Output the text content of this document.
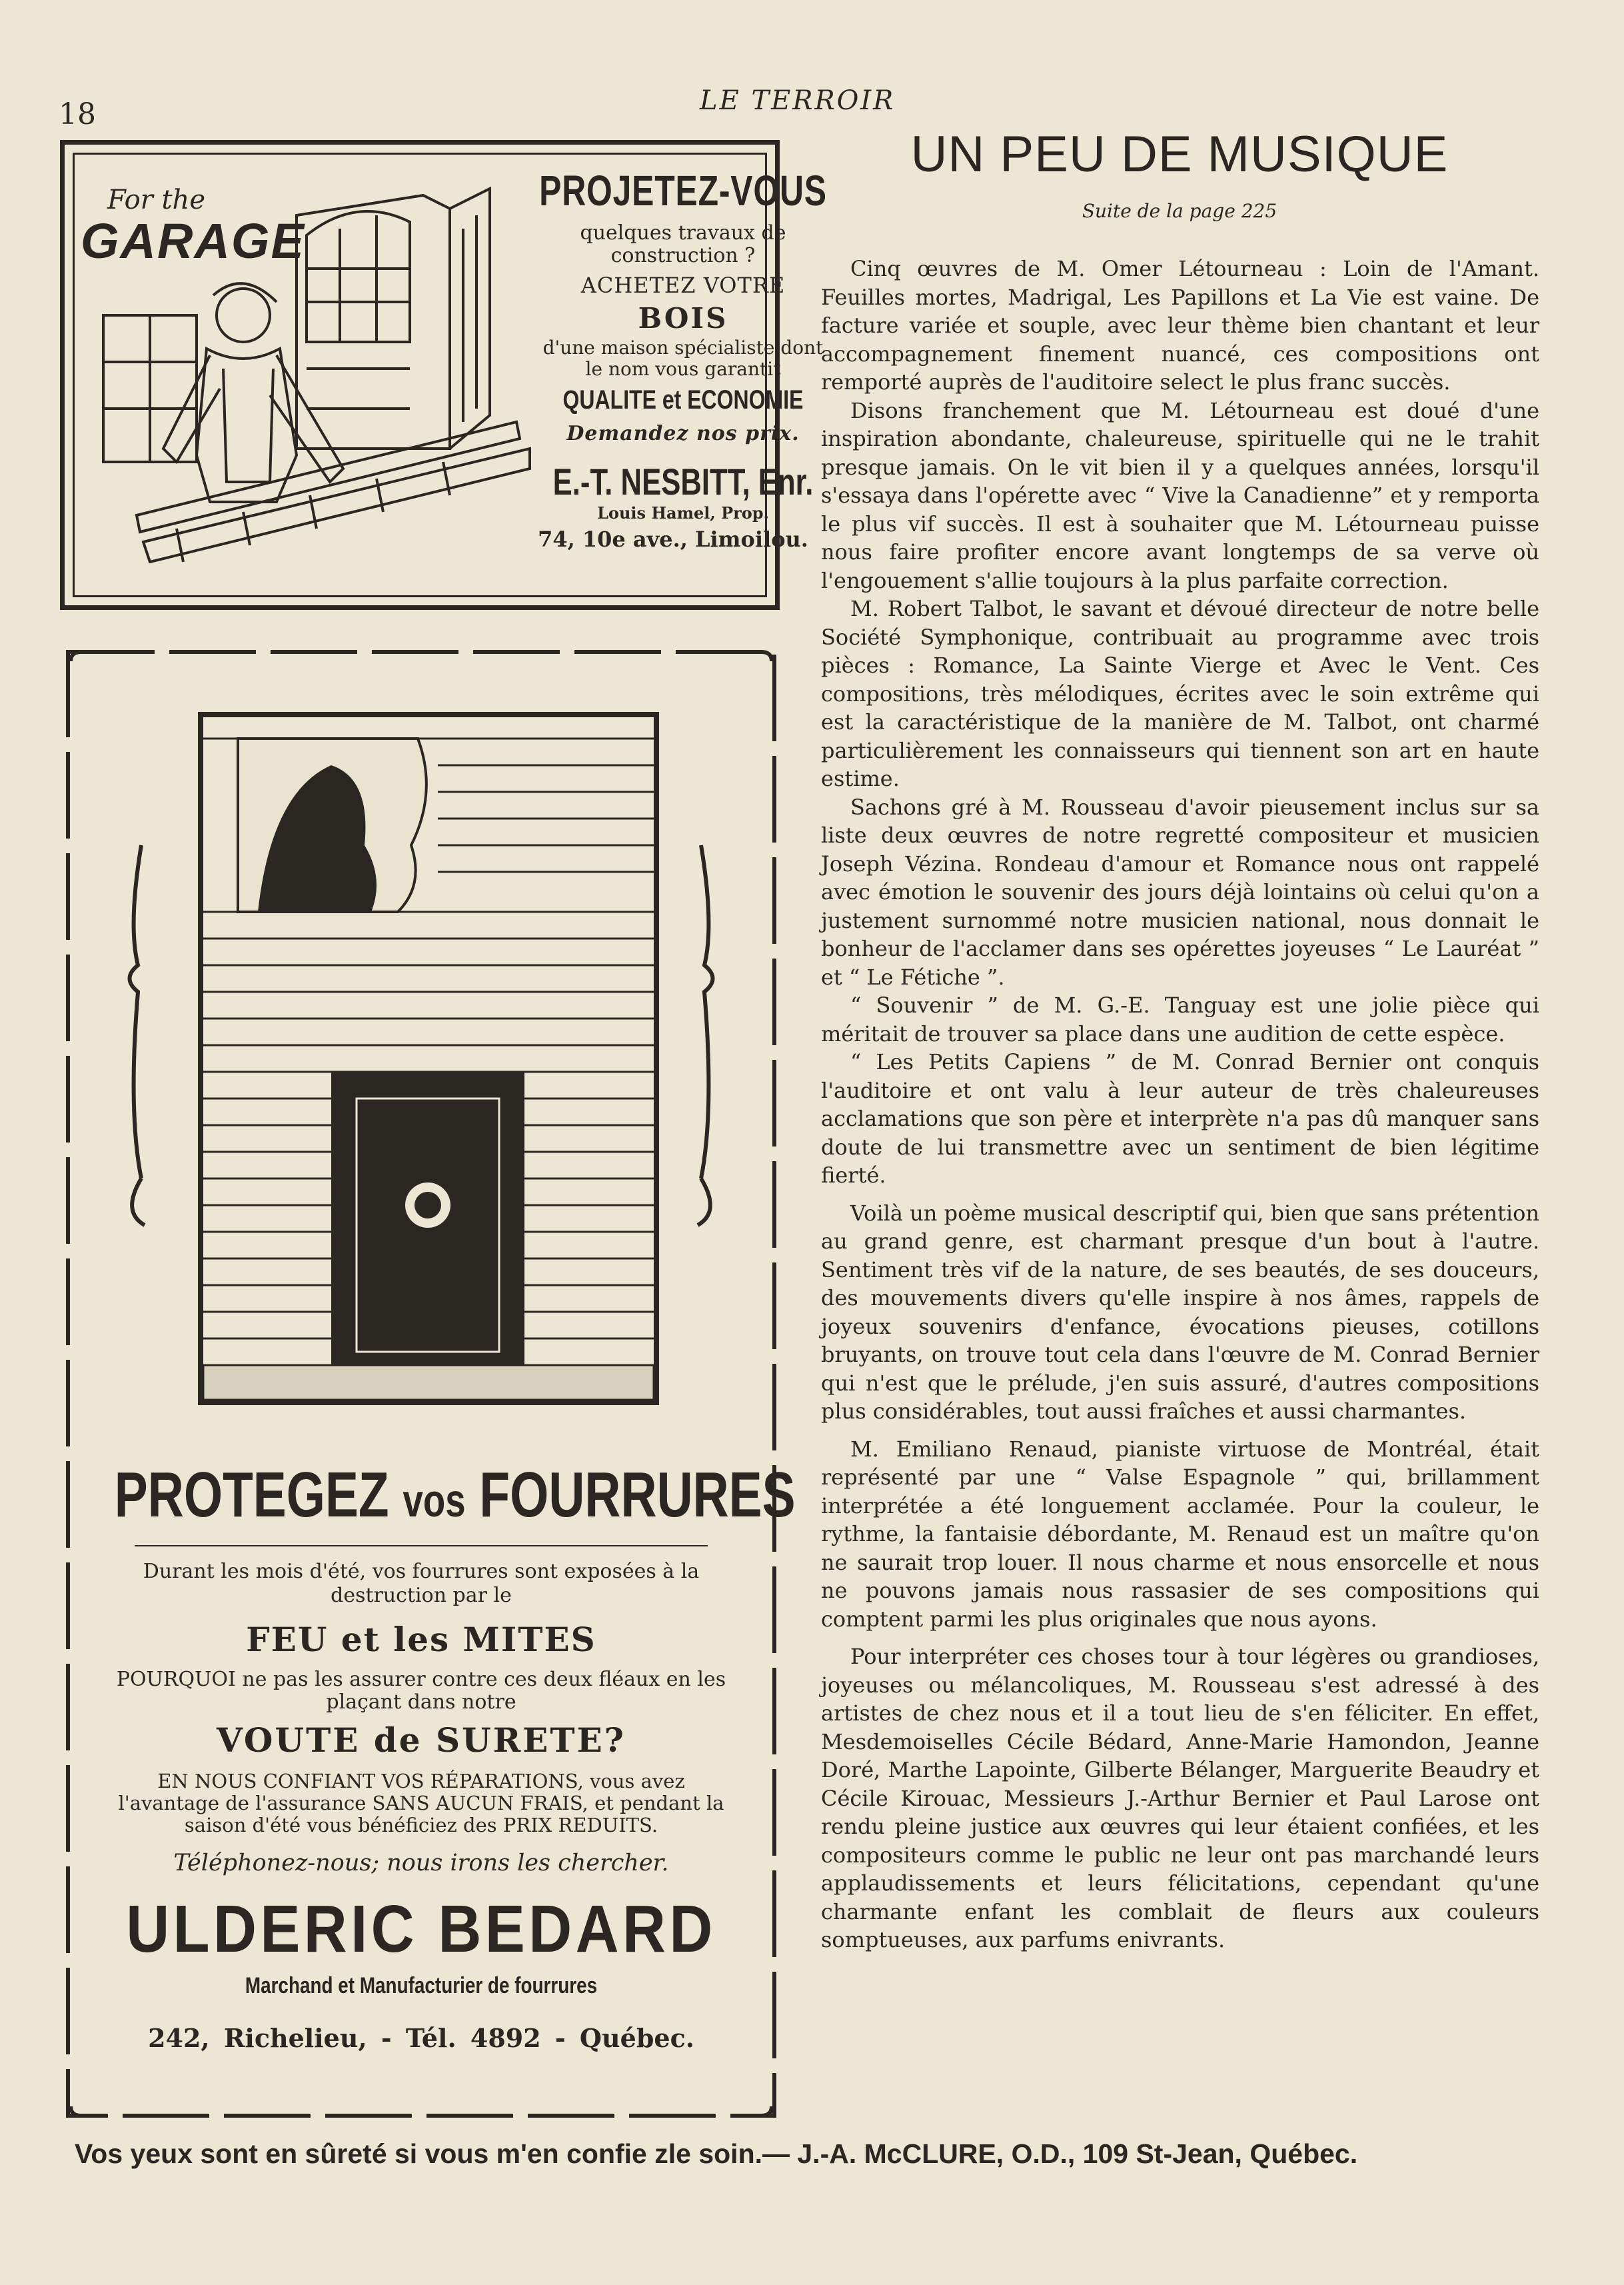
18	LE TERROIR
For the
GARAGE
PROJETEZ-VOUS
quelques travaux de construction ?
ACHETEZ VOTRE
BOIS
d'une maison spécialiste dont le nom vous garantit
QUALITE et ECONOMIE
Demandez nos prix.
E.-T. NESBITT, Enr.
Louis Hamel, Prop.
74, 10e ave., Limoilou.
PROTEGEZ vos FOURRURES
Durant les mois d'été, vos fourrures sont exposées à la destruction par le
FEU et les MITES
POURQUOI ne pas les assurer contre ces deux fléaux en les plaçant dans notre
VOUTE de SURETE?
EN NOUS CONFIANT VOS RÉPARATIONS, vous avez l'avantage de l'assurance SANS AUCUN FRAIS, et pendant la saison d'été vous bénéficiez des PRIX REDUITS.
Téléphonez-nous; nous irons les chercher.
ULDERIC BEDARD
Marchand et Manufacturier de fourrures
242, Richelieu, - Tél. 4892 - Québec.
UN PEU DE MUSIQUE
Suite de la page 225

Cinq œuvres de M. Omer Létourneau : Loin de l'Amant. Feuilles mortes, Madrigal, Les Papillons et La Vie est vaine. De facture variée et souple, avec leur thème bien chantant et leur accompagnement finement nuancé, ces compositions ont remporté auprès de l'auditoire select le plus franc succès.

Disons franchement que M. Létourneau est doué d'une inspiration abondante, chaleureuse, spirituelle qui ne le trahit presque jamais. On le vit bien il y a quelques années, lorsqu'il s'essaya dans l'opérette avec “ Vive la Canadienne” et y remporta le plus vif succès. Il est à souhaiter que M. Létourneau puisse nous faire profiter encore avant longtemps de sa verve où l'engouement s'allie toujours à la plus parfaite correction.

M. Robert Talbot, le savant et dévoué directeur de notre belle Société Symphonique, contribuait au programme avec trois pièces : Romance, La Sainte Vierge et Avec le Vent. Ces compositions, très mélodiques, écrites avec le soin extrême qui est la caractéristique de la manière de M. Talbot, ont charmé particulièrement les connaisseurs qui tiennent son art en haute estime.

Sachons gré à M. Rousseau d'avoir pieusement inclus sur sa liste deux œuvres de notre regretté compositeur et musicien Joseph Vézina. Rondeau d'amour et Romance nous ont rappelé avec émotion le souvenir des jours déjà lointains où celui qu'on a justement surnommé notre musicien national, nous donnait le bonheur de l'acclamer dans ses opérettes joyeuses “ Le Lauréat ” et “ Le Fétiche ”.

“ Souvenir ” de M. G.-E. Tanguay est une jolie pièce qui méritait de trouver sa place dans une audition de cette espèce.

“ Les Petits Capiens ” de M. Conrad Bernier ont conquis l'auditoire et ont valu à leur auteur de très chaleureuses acclamations que son père et interprète n'a pas dû manquer sans doute de lui transmettre avec un sentiment de bien légitime fierté.

Voilà un poème musical descriptif qui, bien que sans prétention au grand genre, est charmant presque d'un bout à l'autre. Sentiment très vif de la nature, de ses beautés, de ses douceurs, des mouvements divers qu'elle inspire à nos âmes, rappels de joyeux souvenirs d'enfance, évocations pieuses, cotillons bruyants, on trouve tout cela dans l'œuvre de M. Conrad Bernier qui n'est que le prélude, j'en suis assuré, d'autres compositions plus considérables, tout aussi fraîches et aussi charmantes.

M. Emiliano Renaud, pianiste virtuose de Montréal, était représenté par une “ Valse Espagnole ” qui, brillamment interprétée a été longuement acclamée. Pour la couleur, le rythme, la fantaisie débordante, M. Renaud est un maître qu'on ne saurait trop louer. Il nous charme et nous ensorcelle et nous ne pouvons jamais nous rassasier de ses compositions qui comptent parmi les plus originales que nous ayons.

Pour interpréter ces choses tour à tour légères ou grandioses, joyeuses ou mélancoliques, M. Rousseau s'est adressé à des artistes de chez nous et il a tout lieu de s'en féliciter. En effet, Mesdemoiselles Cécile Bédard, Anne-Marie Hamondon, Jeanne Doré, Marthe Lapointe, Gilberte Bélanger, Marguerite Beaudry et Cécile Kirouac, Messieurs J.-Arthur Bernier et Paul Larose ont rendu pleine justice aux œuvres qui leur étaient confiées, et les compositeurs comme le public ne leur ont pas marchandé leurs applaudissements et leurs félicitations, cependant qu'une charmante enfant les comblait de fleurs aux couleurs somptueuses, aux parfums enivrants.

Vos yeux sont en sûreté si vous m'en confie zle soin.— J.-A. McCLURE, O.D., 109 St-Jean, Québec.
